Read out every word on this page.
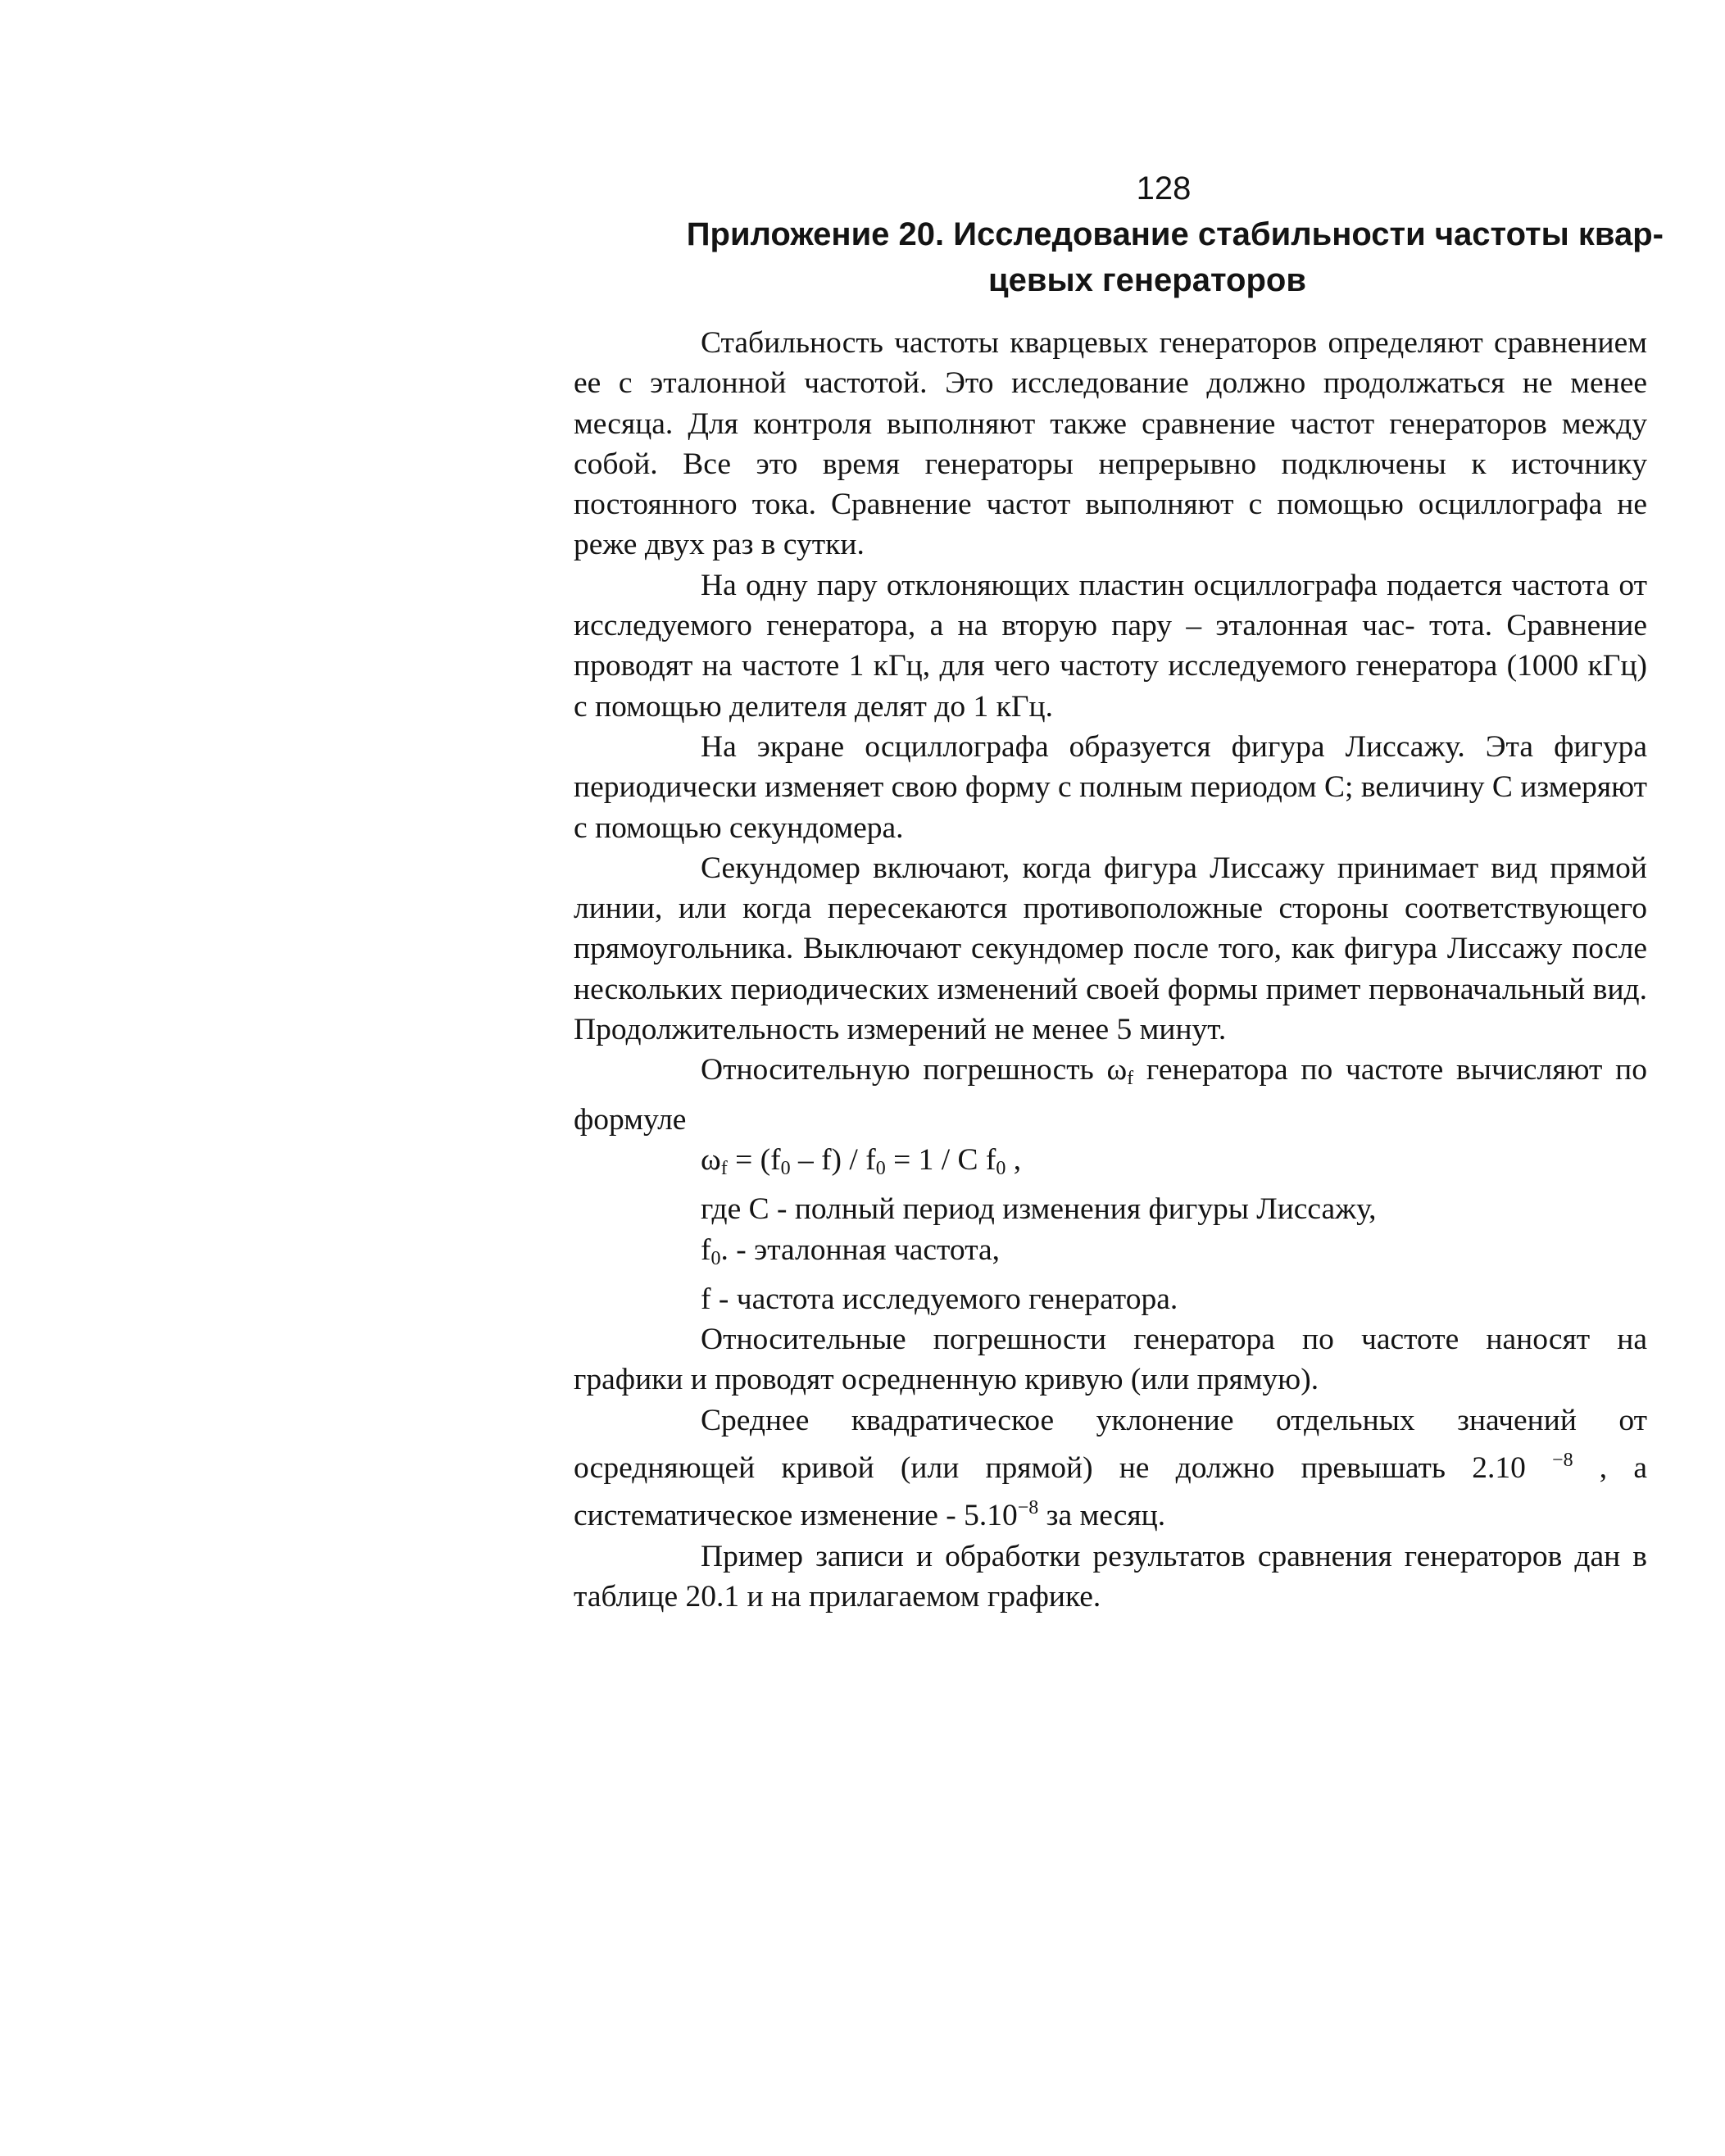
128
Приложение 20. Исследование стабильности частоты квар-
цевых генераторов

Стабильность частоты кварцевых генераторов определяют сравнением ее с эталонной частотой. Это исследование должно продолжаться не менее месяца. Для контроля выполняют также сравнение частот генераторов между собой. Все это время генераторы непрерывно подключены к источнику постоянного тока. Сравнение частот выполняют с помощью осциллографа не реже двух раз в сутки.

На одну пару отклоняющих пластин осциллографа подается частота от исследуемого генератора, а на вторую пару – эталонная час- тота. Сравнение проводят на частоте 1 кГц, для чего частоту исследуемого генератора (1000 кГц) с помощью делителя делят до 1 кГц.

На экране осциллографа образуется фигура Лиссажу. Эта фигура периодически изменяет свою форму с полным периодом C; величину C измеряют с помощью секундомера.

Секундомер включают, когда фигура Лиссажу принимает вид прямой линии, или когда пересекаются противоположные стороны соответствующего прямоугольника. Выключают секундомер после того, как фигура Лиссажу после нескольких периодических изменений своей формы примет первоначальный вид. Продолжительность измерений не менее 5 минут.

Относительную погрешность $\omega_f$ генератора по частоте вычисляют по формуле

$\omega_f = (f_0 - f) / f_0 = 1 / C$ $f_0$ ,

где C - полный период изменения фигуры Лиссажу,

$f_0$. - эталонная частота,

f - частота исследуемого генератора.

Относительные погрешности генератора по частоте наносят на графики и проводят осредненную кривую (или прямую).

Среднее квадратическое уклонение отдельных значений от осредняющей кривой (или прямой) не должно превышать 2.10 $^{-8}$ , а систематическое изменение - $5.10^{-8}$ за месяц.

Пример записи и обработки результатов сравнения генераторов дан в таблице 20.1 и на прилагаемом графике.
